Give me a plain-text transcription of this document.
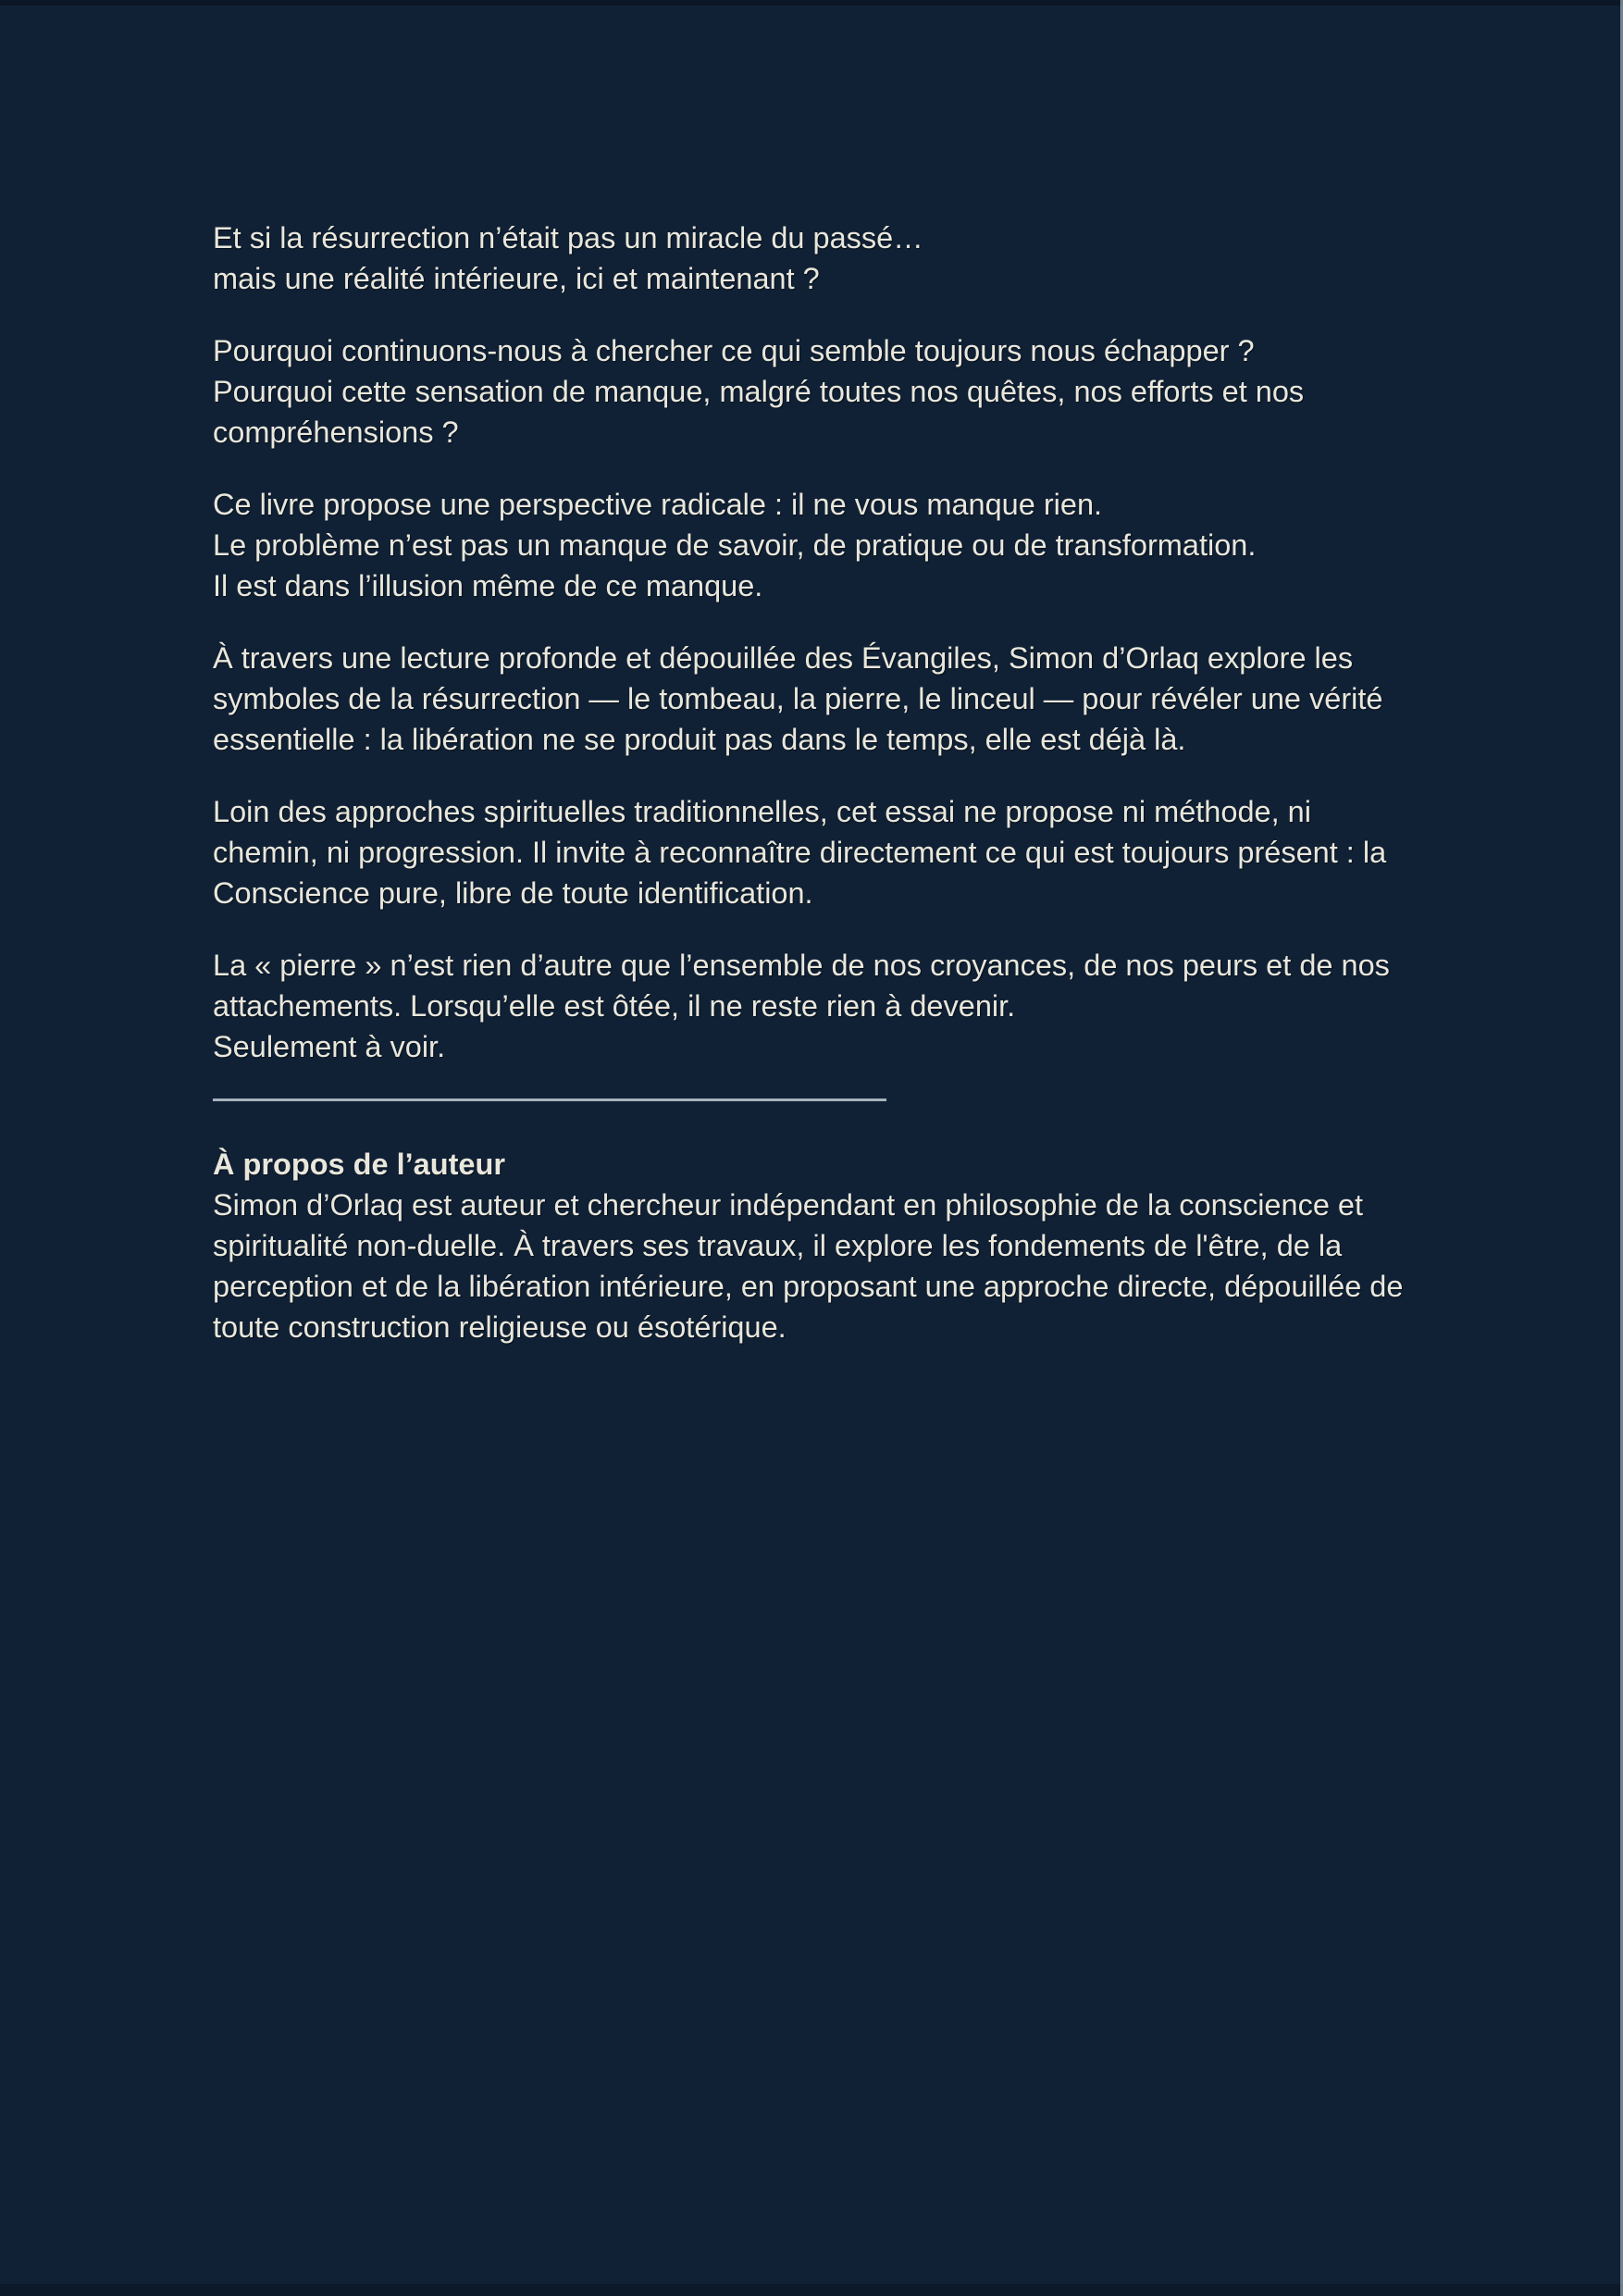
Et si la résurrection n’était pas un miracle du passé…
mais une réalité intérieure, ici et maintenant ?
Pourquoi continuons-nous à chercher ce qui semble toujours nous échapper ?
Pourquoi cette sensation de manque, malgré toutes nos quêtes, nos efforts et nos
compréhensions ?
Ce livre propose une perspective radicale : il ne vous manque rien.
Le problème n’est pas un manque de savoir, de pratique ou de transformation.
Il est dans l’illusion même de ce manque.
À travers une lecture profonde et dépouillée des Évangiles, Simon d’Orlaq explore les
symboles de la résurrection — le tombeau, la pierre, le linceul — pour révéler une vérité
essentielle : la libération ne se produit pas dans le temps, elle est déjà là.
Loin des approches spirituelles traditionnelles, cet essai ne propose ni méthode, ni
chemin, ni progression. Il invite à reconnaître directement ce qui est toujours présent : la
Conscience pure, libre de toute identification.
La « pierre » n’est rien d’autre que l’ensemble de nos croyances, de nos peurs et de nos
attachements. Lorsqu’elle est ôtée, il ne reste rien à devenir.
Seulement à voir.
À propos de l’auteur
Simon d’Orlaq est auteur et chercheur indépendant en philosophie de la conscience et
spiritualité non-duelle. À travers ses travaux, il explore les fondements de l'être, de la
perception et de la libération intérieure, en proposant une approche directe, dépouillée de
toute construction religieuse ou ésotérique.
